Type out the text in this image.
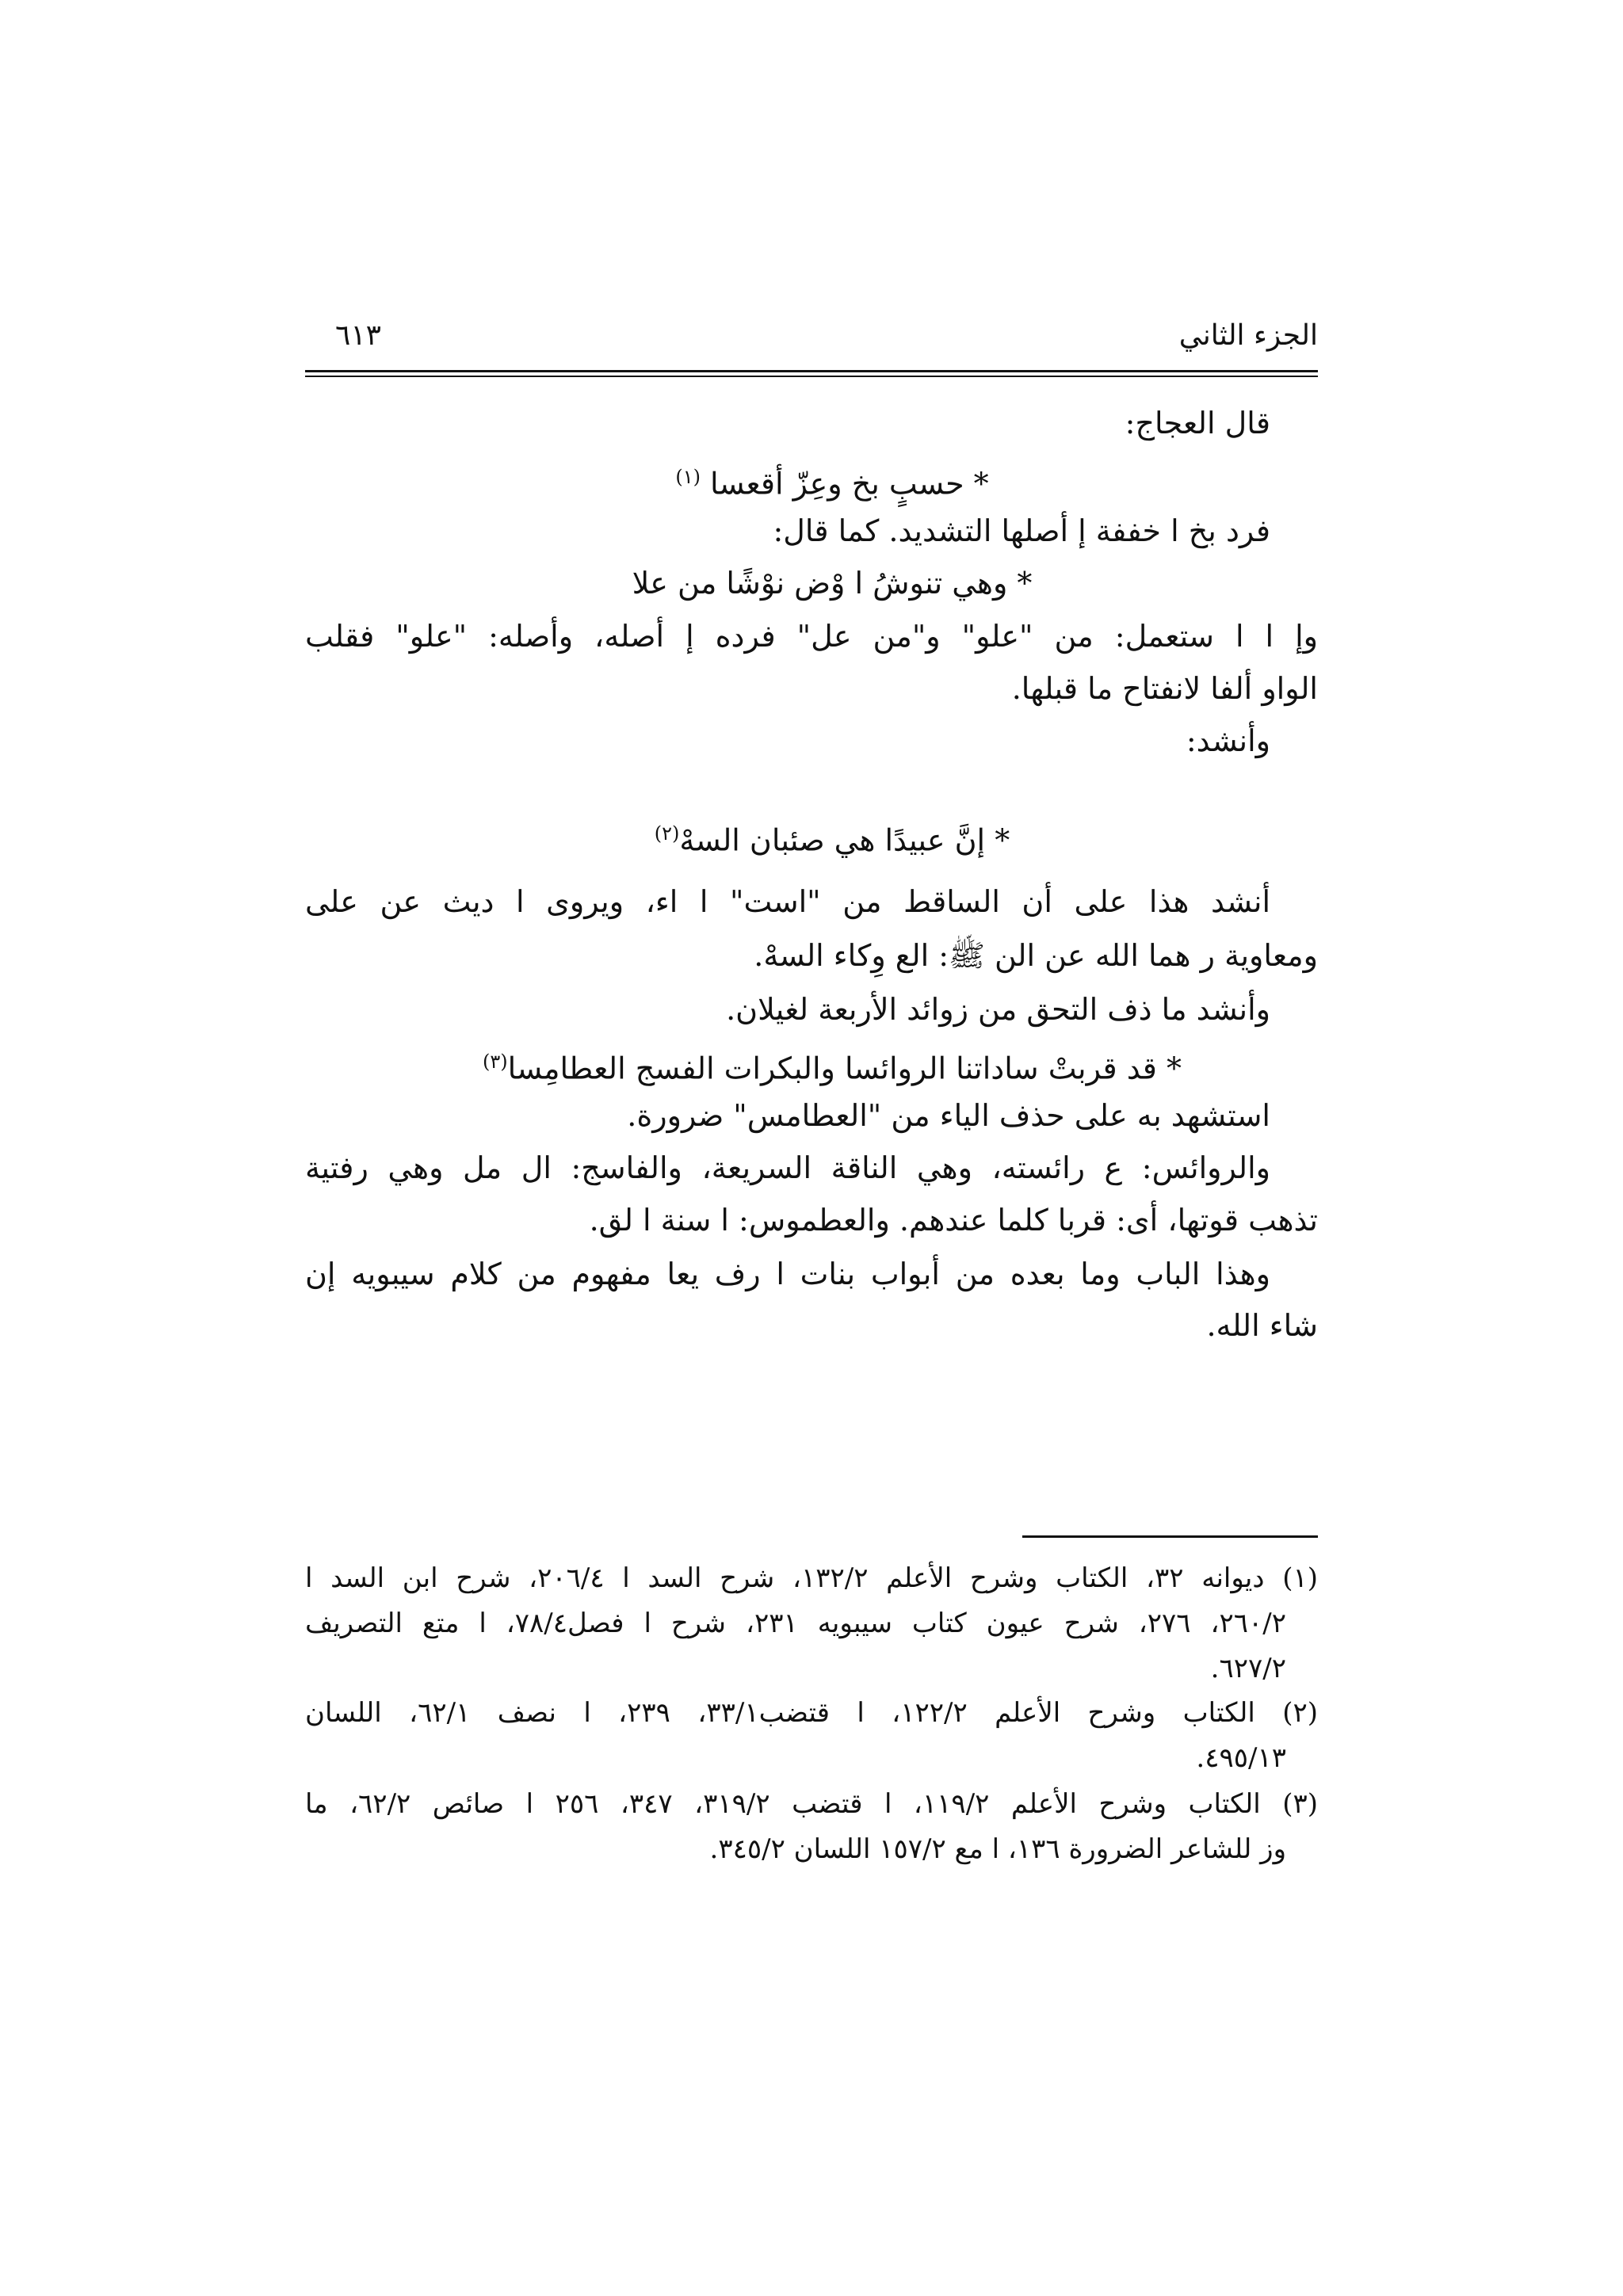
٦١٣	الجزء الثاني
قال العجاج:
* حسبٍ بخ وعِزّ أقعسا $^{(١)}$
فرد بخ ا خففة إ أصلها التشديد. كما قال:
* وهي تنوشُ ا وْض نوْشًا من علا
وإ ا ا ستعمل: من "علو" و"من عل" فرده إ أصله، وأصله: "علو" فقلب
الواو ألفا لانفتاح ما قبلها.
وأنشد:
* إنَّ عبيدًا هي صئبان السهْ$^{(٢)}$
أنشد هذا على أن الساقط من "است" ا اء، ويروى ا ديث عن على
ومعاوية ر هما الله عن الن ﷺ: الع وِكاء السهْ.
وأنشد ما ذف التحق من زوائد الأربعة لغيلان.
* قد قربتْ ساداتنا الروائسا والبكرات الفسج العطامِسا$^{(٣)}$
استشهد به على حذف الياء من "العطامس" ضرورة.
والروائس: ع رائسته، وهي الناقة السريعة، والفاسج: ال مل وهي رفتية
تذهب قوتها، أى: قربا كلما عندهم. والعطموس: ا سنة ا لق.
وهذا الباب وما بعده من أبواب بنات ا رف يعا مفهوم من كلام سيبويه إن
شاء الله.
(١) ديوانه ٣٢، الكتاب وشرح الأعلم ١٣٢/٢، شرح السد ا ٢٠٦/٤، شرح ابن السد ا
٢٦٠/٢، ٢٧٦، شرح عيون كتاب سيبويه ٢٣١، شرح ا فصل٧٨/٤، ا متع التصريف
٦٢٧/٢.
(٢) الكتاب وشرح الأعلم ١٢٢/٢، ا قتضب٣٣/١، ٢٣٩، ا نصف ٦٢/١، اللسان
٤٩٥/١٣.
(٣) الكتاب وشرح الأعلم ١١٩/٢، ا قتضب ٣١٩/٢، ٣٤٧، ٢٥٦ ا صائص ٦٢/٢، ما
وز للشاعر الضرورة ١٣٦، ا مع ١٥٧/٢ اللسان ٣٤٥/٢.
